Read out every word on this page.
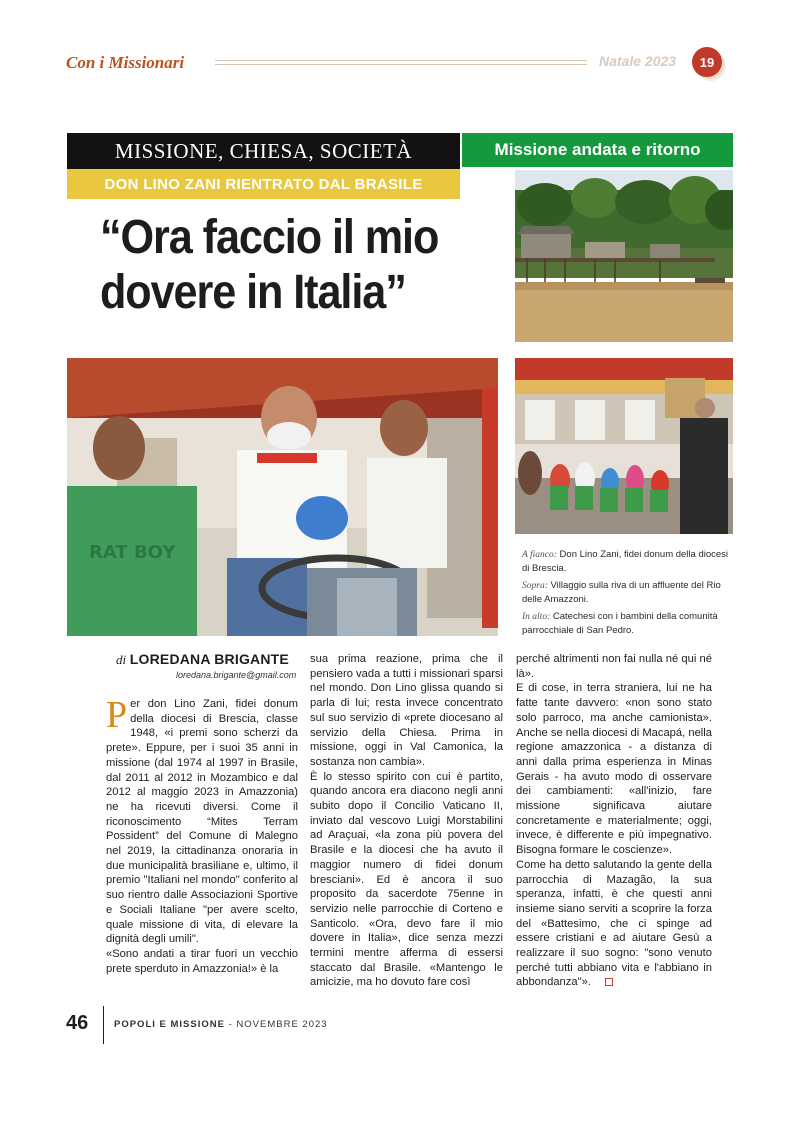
Con i Missionari	Natale 2023	19
MISSIONE, CHIESA, SOCIETÀ
DON LINO ZANI RIENTRATO DAL BRASILE
Missione andata e ritorno
“Ora faccio il mio
dovere in Italia”
RAT BOY	A fianco: Don Lino Zani, fidei donum della diocesi di Brescia.

Sopra: Villaggio sulla riva di un affluente del Rio delle Amazzoni.

In alto: Catechesi con i bambini della comunità parrocchiale di San Pedro.

di LOREDANA BRIGANTE
loredana.brigante@gmail.com

Per don Lino Zani, fidei donum della diocesi di Brescia, classe 1948, «i premi sono scherzi da prete». Eppure, per i suoi 35 anni in missione (dal 1974 al 1997 in Brasile, dal 2011 al 2012 in Mozambico e dal 2012 al maggio 2023 in Amazzonia) ne ha ricevuti diversi. Come il riconoscimento “Mites Terram Possident” del Comune di Malegno nel 2019, la cittadinanza onoraria in due municipalità brasiliane e, ultimo, il premio "Italiani nel mondo" conferito al suo rientro dalle Associazioni Sportive e Sociali Italiane "per avere scelto, quale missione di vita, di elevare la dignità degli umili".

«Sono andati a tirar fuori un vecchio prete sperduto in Amazzonia!» è la

sua prima reazione, prima che il pensiero vada a tutti i missionari sparsi nel mondo. Don Lino glissa quando si parla di lui; resta invece concentrato sul suo servizio di «prete diocesano al servizio della Chiesa. Prima in missione, oggi in Val Camonica, la sostanza non cambia».

È lo stesso spirito con cui è partito, quando ancora era diacono negli anni subito dopo il Concilio Vaticano II, inviato dal vescovo Luigi Morstabilini ad Araçuai, «la zona più povera del Brasile e la diocesi che ha avuto il maggior numero di fidei donum bresciani». Ed è ancora il suo proposito da sacerdote 75enne in servizio nelle parrocchie di Corteno e Santicolo. «Ora, devo fare il mio dovere in Italia», dice senza mezzi termini mentre afferma di essersi staccato dal Brasile. «Mantengo le amicizie, ma ho dovuto fare così

perché altrimenti non fai nulla né qui né là».

E di cose, in terra straniera, lui ne ha fatte tante davvero: «non sono stato solo parroco, ma anche camionista». Anche se nella diocesi di Macapá, nella regione amazzonica - a distanza di anni dalla prima esperienza in Minas Gerais - ha avuto modo di osservare dei cambiamenti: «all'inizio, fare missione significava aiutare concretamente e materialmente; oggi, invece, è differente e più impegnativo. Bisogna formare le coscienze».

Come ha detto salutando la gente della parrocchia di Mazagão, la sua speranza, infatti, è che questi anni insieme siano serviti a scoprire la forza del «Battesimo, che ci spinge ad essere cristiani e ad aiutare Gesù a realizzare il suo sogno: "sono venuto perché tutti abbiano vita e l'abbiano in abbondanza"».

46	POPOLI E MISSIONE - NOVEMBRE 2023
